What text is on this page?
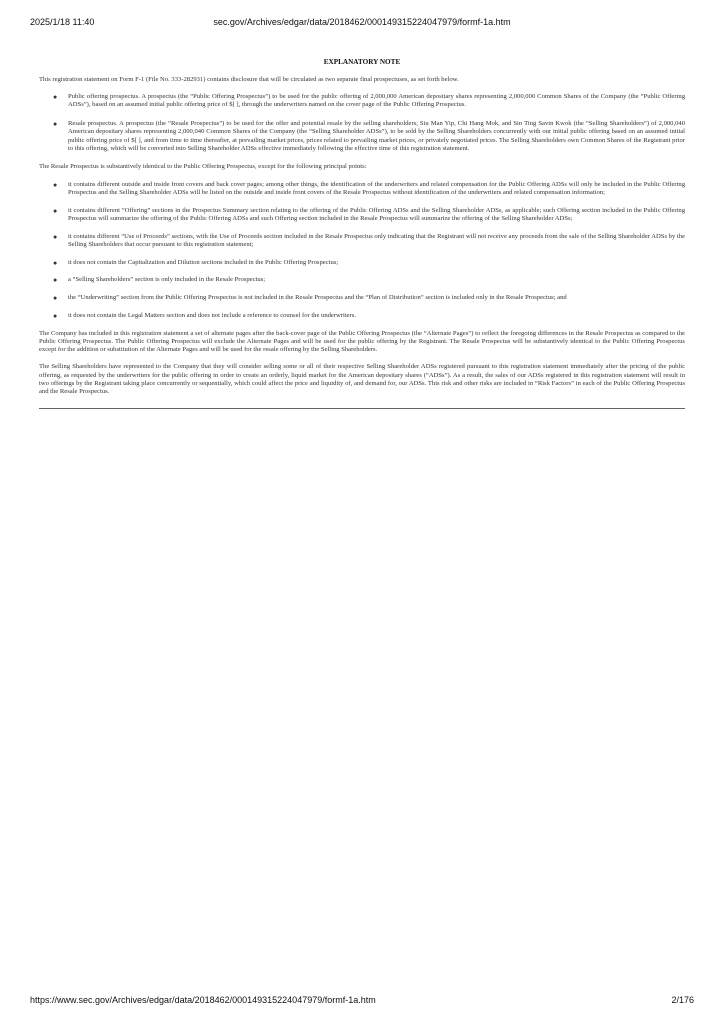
2025/1/18 11:40	sec.gov/Archives/edgar/data/2018462/000149315224047979/formf-1a.htm
EXPLANATORY NOTE

This registration statement on Form F-1 (File No. 333-282931) contains disclosure that will be circulated as two separate final prospectuses, as set forth below.

● Public offering prospectus. A prospectus (the “Public Offering Prospectus”) to be used for the public offering of 2,000,000 American depositary shares representing 2,000,000 Common Shares of the Company (the “Public Offering ADSs”), based on an assumed initial public offering price of $[ ], through the underwriters named on the cover page of the Public Offering Prospectus.
● Resale prospectus. A prospectus (the “Resale Prospectus”) to be used for the offer and potential resale by the selling shareholders, Siu Man Yip, Chi Hang Mok, and Sin Ting Savin Kwok (the “Selling Shareholders”) of 2,000,040 American depositary shares representing 2,000,040 Common Shares of the Company (the “Selling Shareholder ADSs”), to be sold by the Selling Shareholders concurrently with our initial public offering based on an assumed initial public offering price of $[ ], and from time to time thereafter, at prevailing market prices, prices related to prevailing market prices, or privately negotiated prices. The Selling Shareholders own Common Shares of the Registrant prior to this offering, which will be converted into Selling Shareholder ADSs effective immediately following the effective time of this registration statement.

The Resale Prospectus is substantively identical to the Public Offering Prospectus, except for the following principal points:

● it contains different outside and inside front covers and back cover pages; among other things, the identification of the underwriters and related compensation for the Public Offering ADSs will only be included in the Public Offering Prospectus and the Selling Shareholder ADSs will be listed on the outside and inside front covers of the Resale Prospectus without identification of the underwriters and related compensation information;
● it contains different “Offering” sections in the Prospectus Summary section relating to the offering of the Public Offering ADSs and the Selling Shareholder ADSs, as applicable; such Offering section included in the Public Offering Prospectus will summarize the offering of the Public Offering ADSs and such Offering section included in the Resale Prospectus will summarize the offering of the Selling Shareholder ADSs;
● it contains different “Use of Proceeds” sections, with the Use of Proceeds section included in the Resale Prospectus only indicating that the Registrant will not receive any proceeds from the sale of the Selling Shareholder ADSs by the Selling Shareholders that occur pursuant to this registration statement;
● it does not contain the Capitalization and Dilution sections included in the Public Offering Prospectus;
● a “Selling Shareholders” section is only included in the Resale Prospectus;
● the “Underwriting” section from the Public Offering Prospectus is not included in the Resale Prospectus and the “Plan of Distribution” section is included only in the Resale Prospectus; and
● it does not contain the Legal Matters section and does not include a reference to counsel for the underwriters.

The Company has included in this registration statement a set of alternate pages after the back-cover page of the Public Offering Prospectus (the “Alternate Pages”) to reflect the foregoing differences in the Resale Prospectus as compared to the Public Offering Prospectus. The Public Offering Prospectus will exclude the Alternate Pages and will be used for the public offering by the Registrant. The Resale Prospectus will be substantively identical to the Public Offering Prospectus except for the addition or substitution of the Alternate Pages and will be used for the resale offering by the Selling Shareholders.

The Selling Shareholders have represented to the Company that they will consider selling some or all of their respective Selling Shareholder ADSs registered pursuant to this registration statement immediately after the pricing of the public offering, as requested by the underwriters for the public offering in order to create an orderly, liquid market for the American depositary shares (“ADSs”). As a result, the sales of our ADSs registered in this registration statement will result in two offerings by the Registrant taking place concurrently or sequentially, which could affect the price and liquidity of, and demand for, our ADSs. This risk and other risks are included in “Risk Factors” in each of the Public Offering Prospectus and the Resale Prospectus.

https://www.sec.gov/Archives/edgar/data/2018462/000149315224047979/formf-1a.htm	2/176
